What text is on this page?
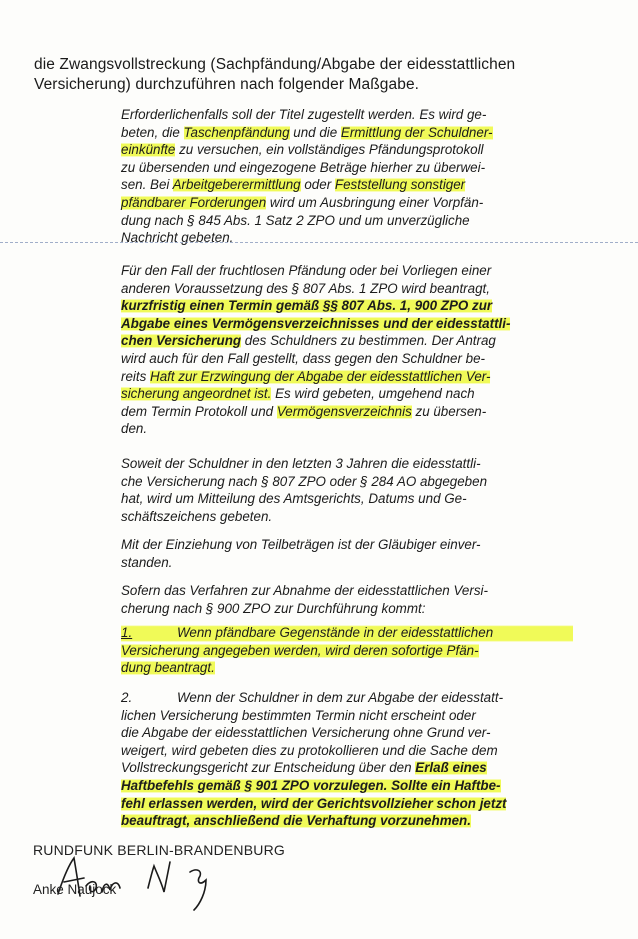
die Zwangsvollstreckung (Sachpfändung/Abgabe der eidesstattlichen
Versicherung) durchzuführen nach folgender Maßgabe.
Erforderlichenfalls soll der Titel zugestellt werden. Es wird ge-
beten, die Taschenpfändung und die Ermittlung der Schuldner-
einkünfte zu versuchen, ein vollständiges Pfändungsprotokoll
zu übersenden und eingezogene Beträge hierher zu überwei-
sen. Bei Arbeitgeberermittlung oder Feststellung sonstiger
pfändbarer Forderungen wird um Ausbringung einer Vorpfän-
dung nach § 845 Abs. 1 Satz 2 ZPO und um unverzügliche
Nachricht gebeten.
Für den Fall der fruchtlosen Pfändung oder bei Vorliegen einer
anderen Voraussetzung des § 807 Abs. 1 ZPO wird beantragt,
kurzfristig einen Termin gemäß §§ 807 Abs. 1, 900 ZPO zur
Abgabe eines Vermögensverzeichnisses und der eidesstattli-
chen Versicherung des Schuldners zu bestimmen. Der Antrag
wird auch für den Fall gestellt, dass gegen den Schuldner be-
reits Haft zur Erzwingung der Abgabe der eidesstattlichen Ver-
sicherung angeordnet ist. Es wird gebeten, umgehend nach
dem Termin Protokoll und Vermögensverzeichnis zu übersen-
den.
Soweit der Schuldner in den letzten 3 Jahren die eidesstattli-
che Versicherung nach § 807 ZPO oder § 284 AO abgegeben
hat, wird um Mitteilung des Amtsgerichts, Datums und Ge-
schäftszeichens gebeten.
Mit der Einziehung von Teilbeträgen ist der Gläubiger einver-
standen.
Sofern das Verfahren zur Abnahme der eidesstattlichen Versi-
cherung nach § 900 ZPO zur Durchführung kommt:
1.	Wenn pfändbare Gegenstände in der eidesstattlichen
Versicherung angegeben werden, wird deren sofortige Pfän-
dung beantragt.
2.	Wenn der Schuldner in dem zur Abgabe der eidesstatt-
lichen Versicherung bestimmten Termin nicht erscheint oder
die Abgabe der eidesstattlichen Versicherung ohne Grund ver-
weigert, wird gebeten dies zu protokollieren und die Sache dem
Vollstreckungsgericht zur Entscheidung über den Erlaß eines
Haftbefehls gemäß § 901 ZPO vorzulegen. Sollte ein Haftbe-
fehl erlassen werden, wird der Gerichtsvollzieher schon jetzt
beauftragt, anschließend die Verhaftung vorzunehmen.
RUNDFUNK BERLIN-BRANDENBURG
Anke Naujock
